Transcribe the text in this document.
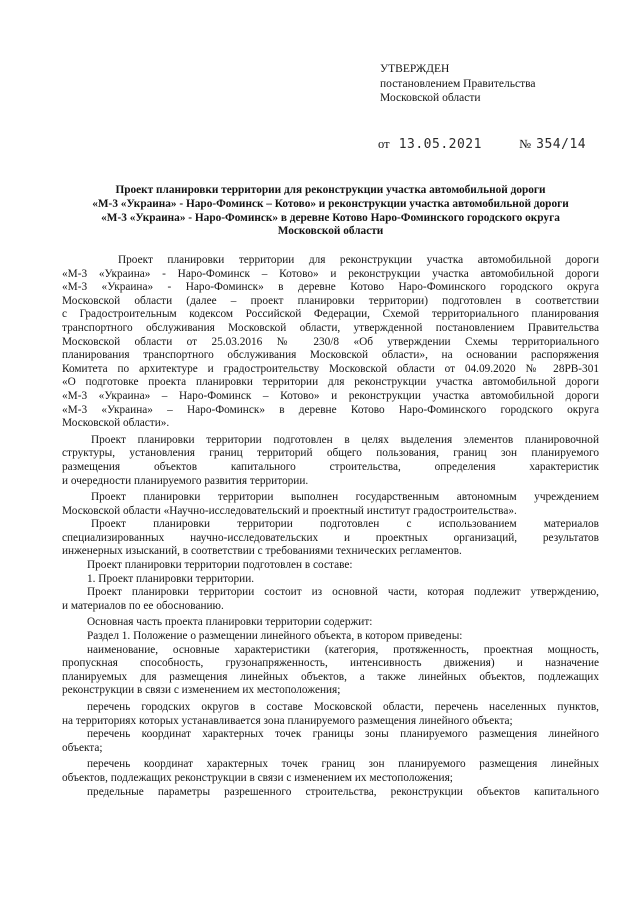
УТВЕРЖДЕН
постановлением Правительства
Московской области
от 13.05.2021	№ 354/14
Проект планировки территории для реконструкции участка автомобильной дороги
«М-3 «Украина» - Наро-Фоминск – Котово» и реконструкции участка автомобильной дороги
«М-3 «Украина» - Наро-Фоминск» в деревне Котово Наро-Фоминского городского округа
Московской области
Проект планировки территории для реконструкции участка автомобильной дороги
«М-3 «Украина» - Наро-Фоминск – Котово» и реконструкции участка автомобильной дороги
«М-3 «Украина» - Наро-Фоминск» в деревне Котово Наро-Фоминского городского округа
Московской области (далее – проект планировки территории) подготовлен в соответствии
с Градостроительным кодексом Российской Федерации, Схемой территориального планирования
транспортного обслуживания Московской области, утвержденной постановлением Правительства
Московской области от 25.03.2016 № 230/8 «Об утверждении Схемы территориального
планирования транспортного обслуживания Московской области», на основании распоряжения
Комитета по архитектуре и градостроительству Московской области от 04.09.2020 № 28РВ-301
«О подготовке проекта планировки территории для реконструкции участка автомобильной дороги
«М-3 «Украина» – Наро-Фоминск – Котово» и реконструкции участка автомобильной дороги
«М-3 «Украина» – Наро-Фоминск» в деревне Котово Наро-Фоминского городского округа
Московской области».
Проект планировки территории подготовлен в целях выделения элементов планировочной
структуры, установления границ территорий общего пользования, границ зон планируемого
размещения объектов капитального строительства, определения характеристик
и очередности планируемого развития территории.
Проект планировки территории выполнен государственным автономным учреждением
Московской области «Научно-исследовательский и проектный институт градостроительства».
Проект планировки территории подготовлен с использованием материалов
специализированных научно-исследовательских и проектных организаций, результатов
инженерных изысканий, в соответствии с требованиями технических регламентов.
Проект планировки территории подготовлен в составе:
1. Проект планировки территории.
Проект планировки территории состоит из основной части, которая подлежит утверждению,
и материалов по ее обоснованию.
Основная часть проекта планировки территории содержит:
Раздел 1. Положение о размещении линейного объекта, в котором приведены:
наименование, основные характеристики (категория, протяженность, проектная мощность,
пропускная способность, грузонапряженность, интенсивность движения) и назначение
планируемых для размещения линейных объектов, а также линейных объектов, подлежащих
реконструкции в связи с изменением их местоположения;
перечень городских округов в составе Московской области, перечень населенных пунктов,
на территориях которых устанавливается зона планируемого размещения линейного объекта;
перечень координат характерных точек границы зоны планируемого размещения линейного
объекта;
перечень координат характерных точек границ зон планируемого размещения линейных
объектов, подлежащих реконструкции в связи с изменением их местоположения;
предельные параметры разрешенного строительства, реконструкции объектов капитального
